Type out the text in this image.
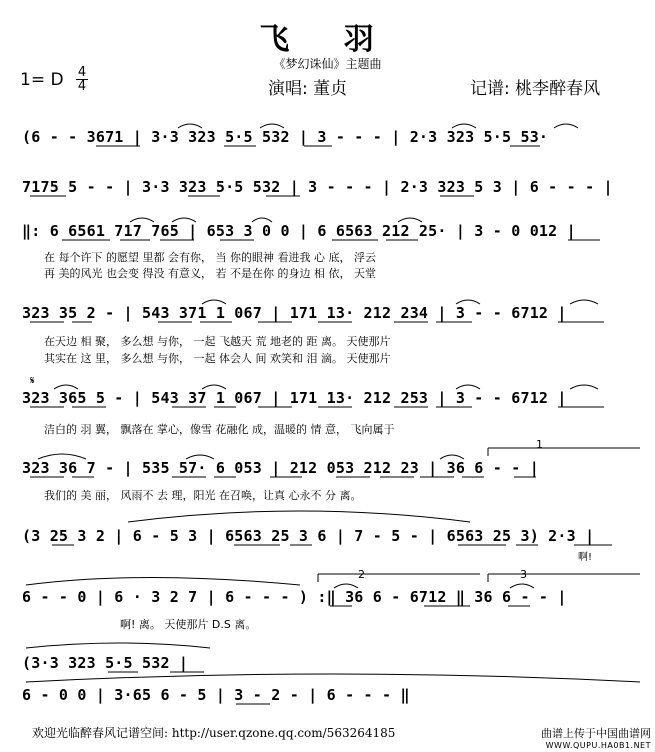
飞 羽
《梦幻诛仙》主题曲
1= D 4
4	演唱: 董贞	记谱: 桃李醉春风
(6 - - 3671 | 3·3 323 5·5 532 | 3 - - - | 2·3 323 5·5 53·
7175 5 - - | 3·3 323 5·5 532 | 3 - - - | 2·3 323 5 3 | 6 - - - |
‖: 6 6561 717 765 | 653 3 0 0 | 6 6563 212 25· | 3 - 0 012 |
在 每个许下 的愿望 里都 会有你， 当 你的眼神 看进我 心 底， 浮云
再 美的风光 也会变 得没 有意义， 若 不是在你 的身边 相 依， 天堂
323 35 2 - | 543 371 1 067 | 171 13· 212 234 | 3 - - 6712 |
在天边 相 聚， 多么想 与你， 一起 飞越天 荒 地老的 距 离。 天使那片
其实在 这 里， 多么想 与你， 一起 体会人 间 欢笑和 泪 滴。 天使那片
𝄋
323 365 5 - | 543 37 1 067 | 171 13· 212 253 | 3 - - 6712 |
洁白的 羽 翼， 飘落在 掌心，像雪 花融化 成，温暖的 情 意， 飞向属于
1
323 36 7 - | 535 57· 6 053 | 212 053 212 23 | 36 6 - - |
我们的 美 丽， 风雨不 去 理，阳光 在召唤，让真 心永不 分 离。
(3 25 3 2 | 6 - 5 3 | 6563 25 3 6 | 7 - 5 - | 6563 25 3) 2·3 |
啊!
2	3
6 - - 0 | 6 · 3 2 7 | 6 - - - ) :‖ 36 6 - 6712 ‖ 36 6 - - |
啊! 离。 天使那片 D.S 离。
(3·3 323 5·5 532 |
6 - 0 0 | 3·65 6 - 5 | 3 - 2 - | 6 - - - ‖
欢迎光临醉春风记谱空间: http://user.qzone.qq.com/563264185	曲谱上传于中国曲谱网
WWW.QUPU.HA0B1.NET
